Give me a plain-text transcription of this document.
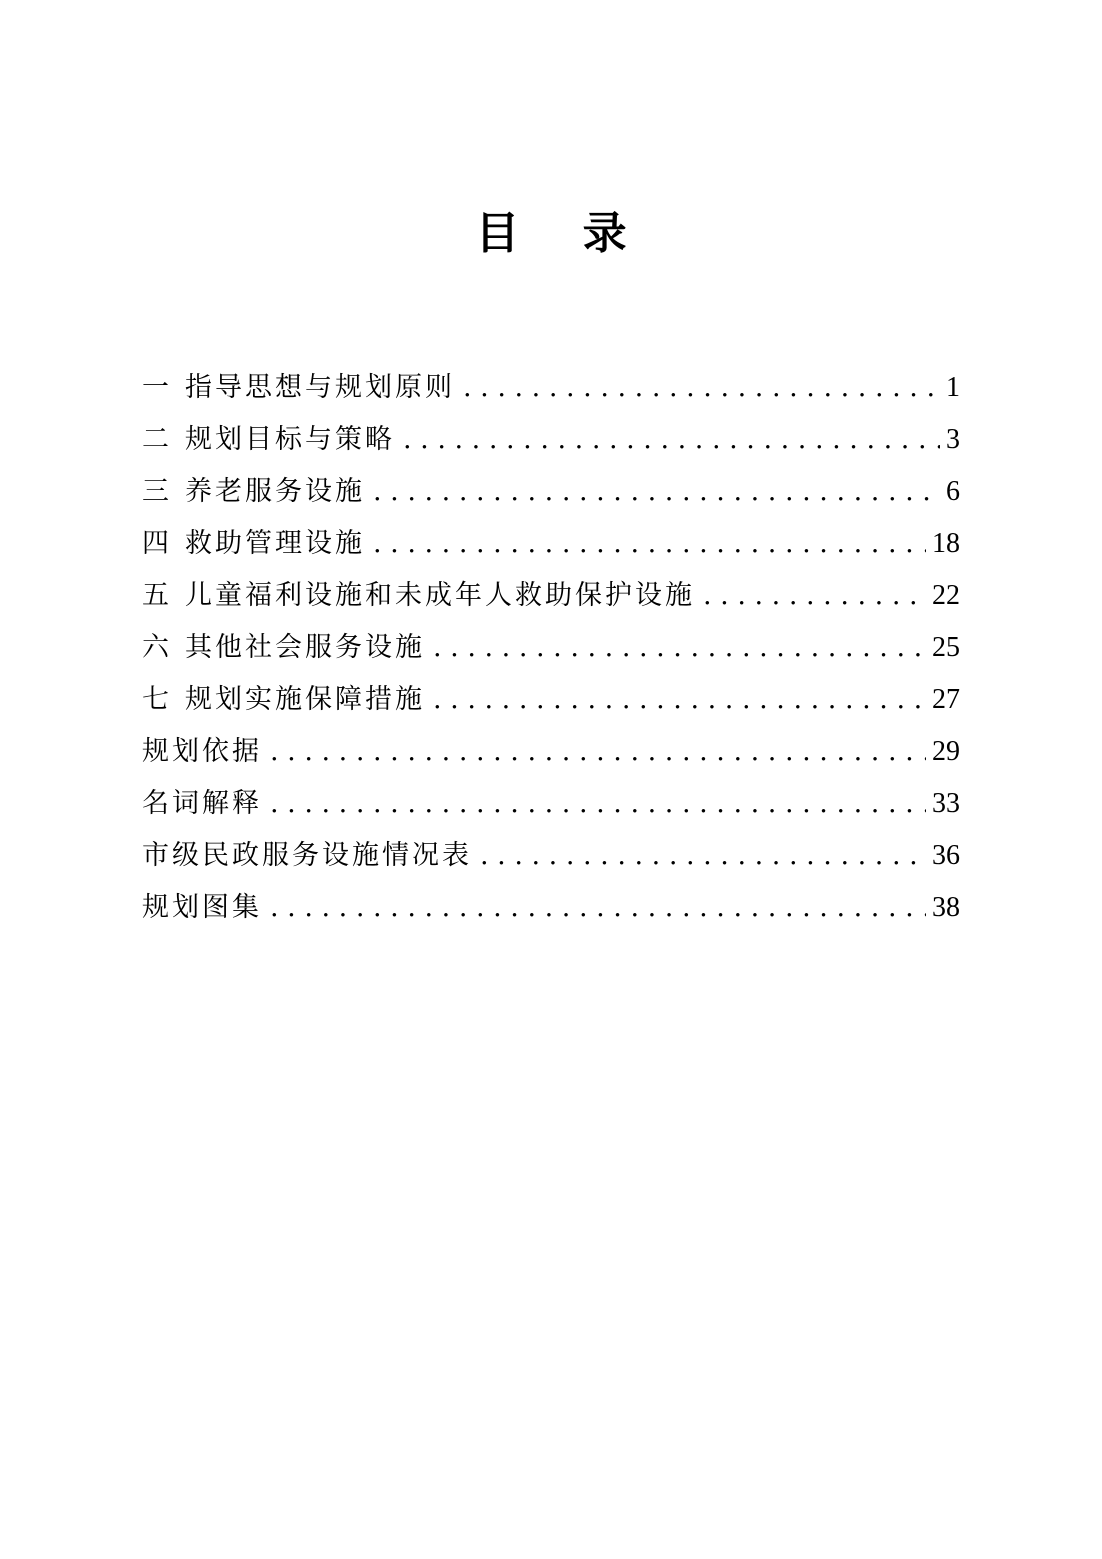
目 录
一 指导思想与规划原则 . . .	1
二 规划目标与策略 . . .	3
三 养老服务设施 . . .	6
四 救助管理设施 . . .	18
五 儿童福利设施和未成年人救助保护设施 . . .	22
六 其他社会服务设施 . . .	25
七 规划实施保障措施 . . .	27
规划依据 . . .	29
名词解释 . . .	33
市级民政服务设施情况表 . . .	36
规划图集 . . .	38
